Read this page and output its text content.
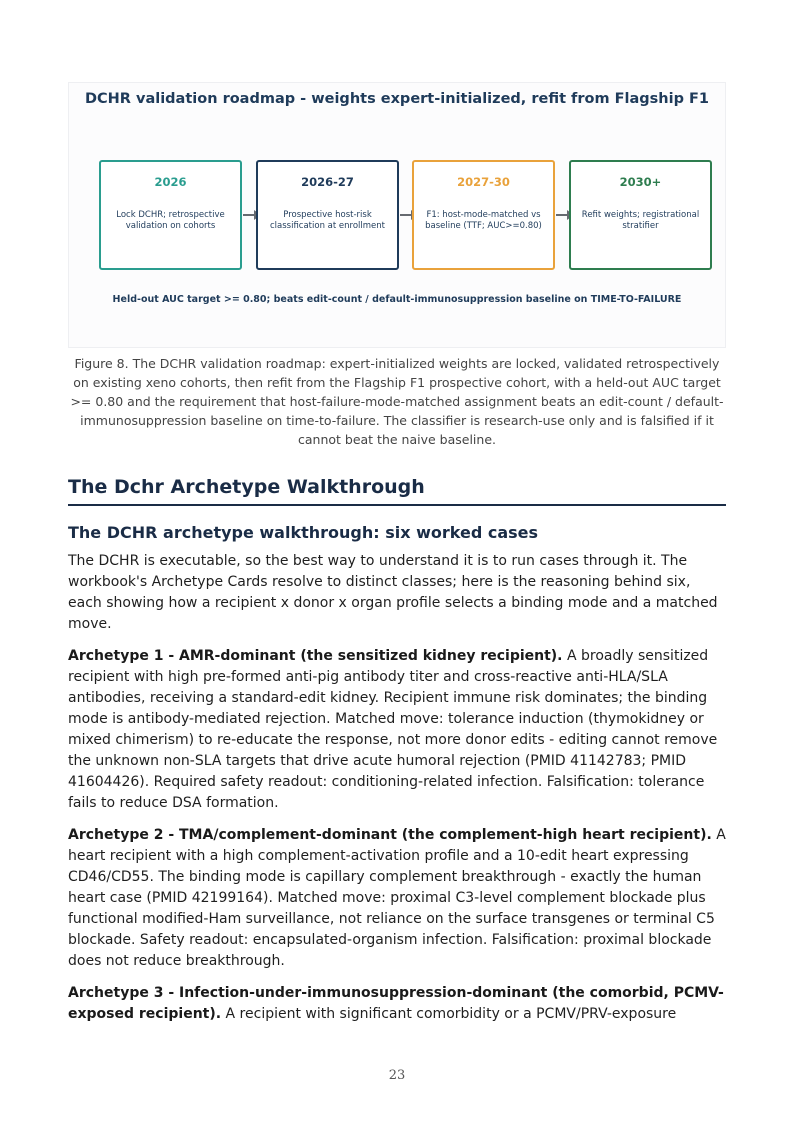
DCHR validation roadmap - weights expert-initialized, refit from Flagship F1
2026
Lock DCHR; retrospective validation on cohorts
2026-27
Prospective host-risk classification at enrollment
2027-30
F1: host-mode-matched vs baseline (TTF; AUC>=0.80)
2030+
Refit weights; registrational stratifier
Held-out AUC target >= 0.80; beats edit-count / default-immunosuppression baseline on TIME-TO-FAILURE
Figure 8. The DCHR validation roadmap: expert-initialized weights are locked, validated retrospectively on existing xeno cohorts, then refit from the Flagship F1 prospective cohort, with a held-out AUC target >= 0.80 and the requirement that host-failure-mode-matched assignment beats an edit-count / default-immunosuppression baseline on time-to-failure. The classifier is research-use only and is falsified if it cannot beat the naive baseline.
The Dchr Archetype Walkthrough
The DCHR archetype walkthrough: six worked cases

The DCHR is executable, so the best way to understand it is to run cases through it. The workbook's Archetype Cards resolve to distinct classes; here is the reasoning behind six, each showing how a recipient x donor x organ profile selects a binding mode and a matched move.

Archetype 1 - AMR-dominant (the sensitized kidney recipient). A broadly sensitized recipient with high pre-formed anti-pig antibody titer and cross-reactive anti-HLA/SLA antibodies, receiving a standard-edit kidney. Recipient immune risk dominates; the binding mode is antibody-mediated rejection. Matched move: tolerance induction (thymokidney or mixed chimerism) to re-educate the response, not more donor edits - editing cannot remove the unknown non-SLA targets that drive acute humoral rejection (PMID 41142783; PMID 41604426). Required safety readout: conditioning-related infection. Falsification: tolerance fails to reduce DSA formation.

Archetype 2 - TMA/complement-dominant (the complement-high heart recipient). A heart recipient with a high complement-activation profile and a 10-edit heart expressing CD46/CD55. The binding mode is capillary complement breakthrough - exactly the human heart case (PMID 42199164). Matched move: proximal C3-level complement blockade plus functional modified-Ham surveillance, not reliance on the surface transgenes or terminal C5 blockade. Safety readout: encapsulated-organism infection. Falsification: proximal blockade does not reduce breakthrough.

Archetype 3 - Infection-under-immunosuppression-dominant (the comorbid, PCMV-exposed recipient). A recipient with significant comorbidity or a PCMV/PRV-exposure

23
